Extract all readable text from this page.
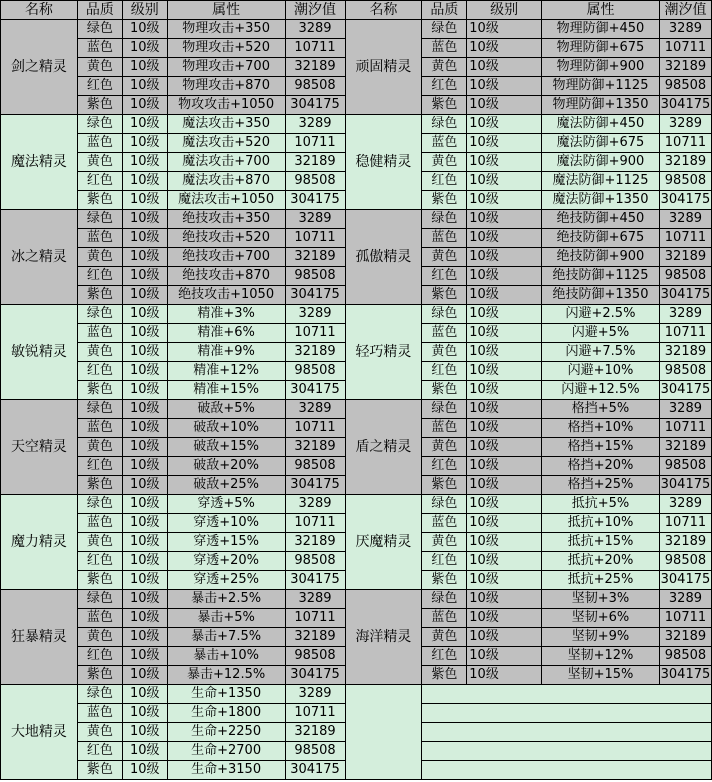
名称	品质	级别	属性	潮汐值	名称	品质	级别	属性	潮汐值
剑之精灵	绿色	10级	物理攻击+350	3289	顽固精灵	绿色	10级	物理防御+450	3289
	蓝色	10级	物理攻击+520	10711		蓝色	10级	物理防御+675	10711
	黄色	10级	物理攻击+700	32189		黄色	10级	物理防御+900	32189
	红色	10级	物理攻击+870	98508		红色	10级	物理防御+1125	98508
	紫色	10级	物攻攻击+1050	304175		紫色	10级	物理防御+1350	304175
魔法精灵	绿色	10级	魔法攻击+350	3289	稳健精灵	绿色	10级	魔法防御+450	3289
	蓝色	10级	魔法攻击+520	10711		蓝色	10级	魔法防御+675	10711
	黄色	10级	魔法攻击+700	32189		黄色	10级	魔法防御+900	32189
	红色	10级	魔法攻击+870	98508		红色	10级	魔法防御+1125	98508
	紫色	10级	魔法攻击+1050	304175		紫色	10级	魔法防御+1350	304175
冰之精灵	绿色	10级	绝技攻击+350	3289	孤傲精灵	绿色	10级	绝技防御+450	3289
	蓝色	10级	绝技攻击+520	10711		蓝色	10级	绝技防御+675	10711
	黄色	10级	绝技攻击+700	32189		黄色	10级	绝技防御+900	32189
	红色	10级	绝技攻击+870	98508		红色	10级	绝技防御+1125	98508
	紫色	10级	绝技攻击+1050	304175		紫色	10级	绝技防御+1350	304175
敏锐精灵	绿色	10级	精准+3%	3289	轻巧精灵	绿色	10级	闪避+2.5%	3289
	蓝色	10级	精准+6%	10711		蓝色	10级	闪避+5%	10711
	黄色	10级	精准+9%	32189		黄色	10级	闪避+7.5%	32189
	红色	10级	精准+12%	98508		红色	10级	闪避+10%	98508
	紫色	10级	精准+15%	304175		紫色	10级	闪避+12.5%	304175
天空精灵	绿色	10级	破敌+5%	3289	盾之精灵	绿色	10级	格挡+5%	3289
	蓝色	10级	破敌+10%	10711		蓝色	10级	格挡+10%	10711
	黄色	10级	破敌+15%	32189		黄色	10级	格挡+15%	32189
	红色	10级	破敌+20%	98508		红色	10级	格挡+20%	98508
	紫色	10级	破敌+25%	304175		紫色	10级	格挡+25%	304175
魔力精灵	绿色	10级	穿透+5%	3289	厌魔精灵	绿色	10级	抵抗+5%	3289
	蓝色	10级	穿透+10%	10711		蓝色	10级	抵抗+10%	10711
	黄色	10级	穿透+15%	32189		黄色	10级	抵抗+15%	32189
	红色	10级	穿透+20%	98508		红色	10级	抵抗+20%	98508
	紫色	10级	穿透+25%	304175		紫色	10级	抵抗+25%	304175
狂暴精灵	绿色	10级	暴击+2.5%	3289	海洋精灵	绿色	10级	坚韧+3%	3289
	蓝色	10级	暴击+5%	10711		蓝色	10级	坚韧+6%	10711
	黄色	10级	暴击+7.5%	32189		黄色	10级	坚韧+9%	32189
	红色	10级	暴击+10%	98508		红色	10级	坚韧+12%	98508
	紫色	10级	暴击+12.5%	304175		紫色	10级	坚韧+15%	304175
大地精灵	绿色	10级	生命+1350	3289					
	蓝色	10级	生命+1800	10711					
	黄色	10级	生命+2250	32189					
	红色	10级	生命+2700	98508					
	紫色	10级	生命+3150	304175					
